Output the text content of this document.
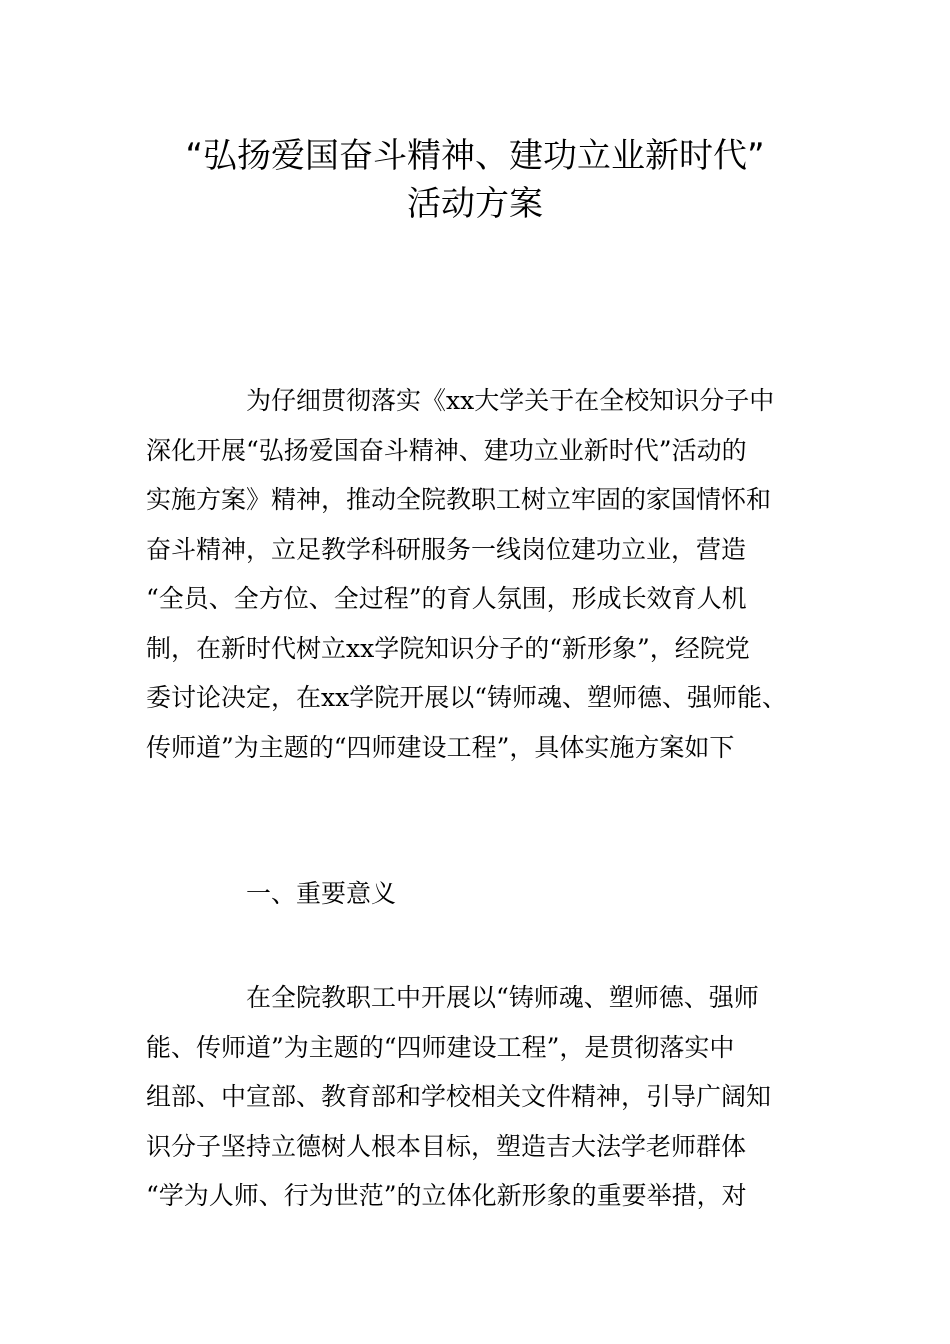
“弘扬爱国奋斗精神、建功立业新时代”
活动方案
为仔细贯彻落实《xx大学关于在全校知识分子中
深化开展“弘扬爱国奋斗精神、建功立业新时代”活动的
实施方案》精神，推动全院教职工树立牢固的家国情怀和
奋斗精神，立足教学科研服务一线岗位建功立业，营造
“全员、全方位、全过程”的育人氛围，形成长效育人机
制，在新时代树立xx学院知识分子的“新形象”，经院党
委讨论决定，在xx学院开展以“铸师魂、塑师德、强师能、
传师道”为主题的“四师建设工程”，具体实施方案如下
一、重要意义
在全院教职工中开展以“铸师魂、塑师德、强师
能、传师道”为主题的“四师建设工程”，是贯彻落实中
组部、中宣部、教育部和学校相关文件精神，引导广阔知
识分子坚持立德树人根本目标，塑造吉大法学老师群体
“学为人师、行为世范”的立体化新形象的重要举措，对
